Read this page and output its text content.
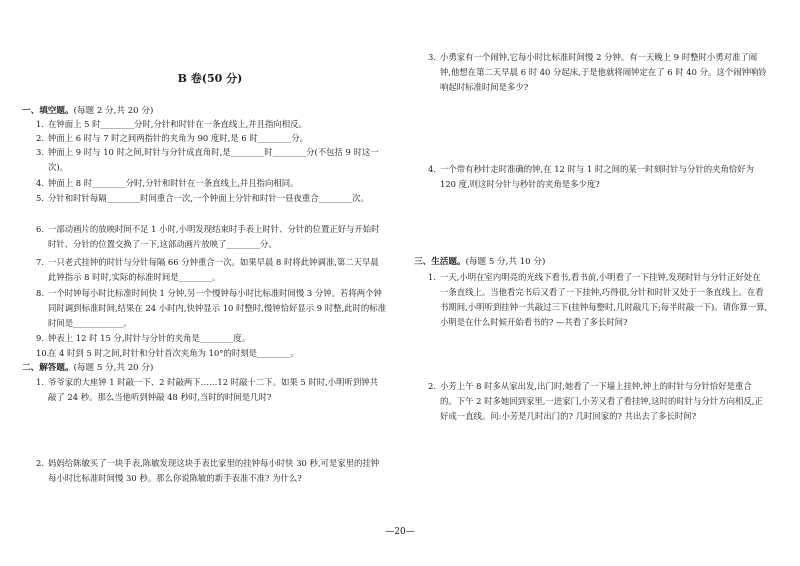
B 卷(50 分)
一、填空题。(每题 2 分,共 20 分)
1. 在钟面上 5 时________分时,分针和时针在一条直线上,并且指向相反。
2. 钟面上 6 时与 7 时之间两指针的夹角为 90 度时,是 6 时________分。
3. 钟面上 9 时与 10 时之间,时针与分针成直角时,是________时________分(不包括 9 时这一次)。
4. 钟面上 8 时________分时,分针和时针在一条直线上,并且指向相同。
5. 分针和时针每隔________时间重合一次,一个钟面上分针和时针一昼夜重合________次。
6. 一部动画片的放映时间不足 1 小时,小明发现结束时手表上时针、分针的位置正好与开始时时针、分针的位置交换了一下,这部动画片放映了________分。
7. 一只老式挂钟的时针与分针每隔 66 分钟重合一次。如果早晨 8 时将此钟调准,第二天早晨此钟指示 8 时时,实际的标准时间是________。
8. 一个时钟每小时比标准时间快 1 分钟,另一个慢钟每小时比标准时间慢 3 分钟。若将两个钟同时调到标准时间,结果在 24 小时内,快钟显示 10 时整时,慢钟恰好显示 9 时整,此时的标准时间是____________。
9. 钟表上 12 时 15 分,时针与分针的夹角是________度。
10.
在 4 时到 5 时之间,时针和分针首次夹角为 10°的时刻是________。
二、解答题。(每题 5 分,共 20 分)
1. 爷爷家的大座钟 1 时敲一下、2 时敲两下……12 时敲十二下。如果 5 时时,小明听到钟共敲了 24 秒。那么当他听到钟敲 48 秒时,当时的时间是几时?
2. 妈妈给陈敏买了一块手表,陈敏发现这块手表比家里的挂钟每小时快 30 秒,可是家里的挂钟每小时比标准时间慢 30 秒。那么你说陈敏的新手表准不准? 为什么?
3. 小勇家有一个闹钟,它每小时比标准时间慢 2 分钟。有一天晚上 9 时整时小勇对准了闹钟,他想在第二天早晨 6 时 40 分起床,于是他就将闹钟定在了 6 时 40 分。这个闹钟响铃响起时标准时间是多少?
4. 一个带有秒针走时准确的钟,在 12 时与 1 时之间的某一时刻时针与分针的夹角恰好为 120 度,则这时分针与秒针的夹角是多少度?
三、生活题。(每题 5 分,共 10 分)
1. 一天,小明在室内明亮的光线下看书,看书前,小明看了一下挂钟,发现时针与分针正好处在一条直线上。当他看完书后又看了一下挂钟,巧得很,分针和时针又处于一条直线上。在看书期间,小明听到挂钟一共敲过三下(挂钟每整时,几时敲几下;每半时敲一下)。请你算一算,小明是在什么时候开始看书的? —共看了多长时间?
2. 小芳上午 8 时多从家出发,出门时,她看了一下墙上挂钟,钟上的时针与分针恰好是重合的。下午 2 时多她回到家里,一进家门,小芳又看了看挂钟,这时的时针与分针方向相反,正好成一直线。问:小芳是几时出门的? 几时回家的? 共出去了多长时间?
—20—
